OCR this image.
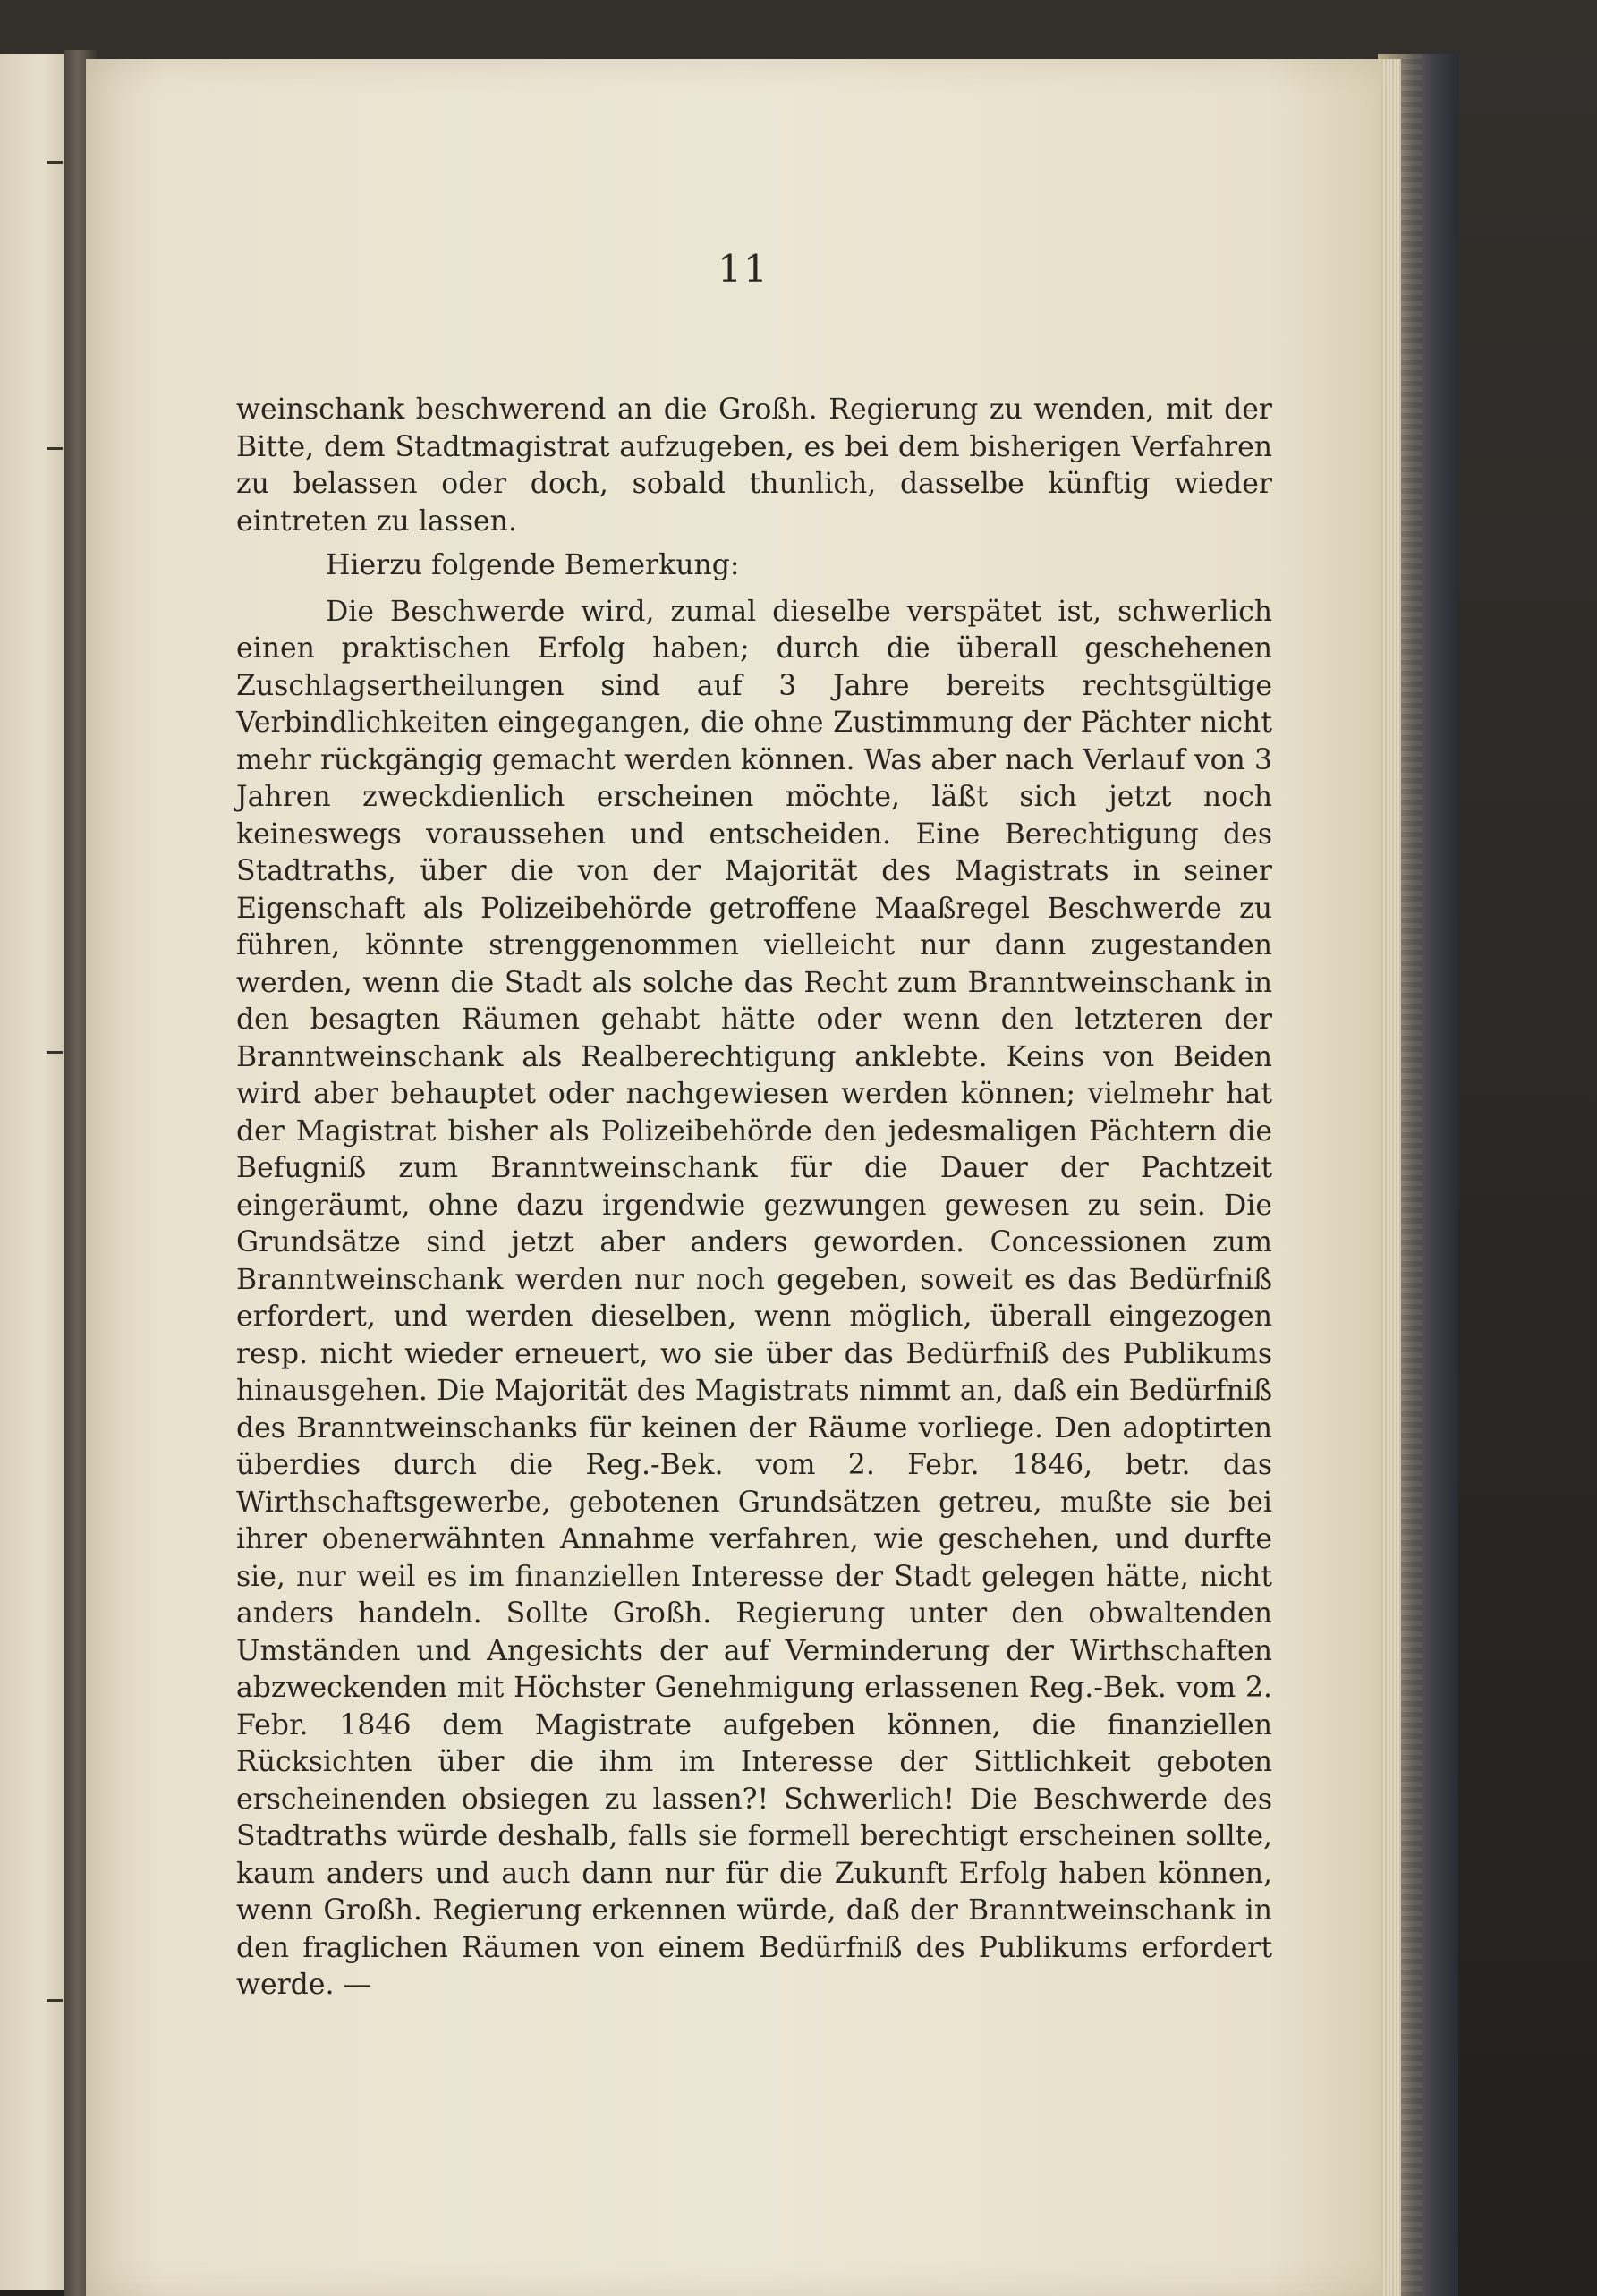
11

weinschank beschwerend an die Großh. Regierung zu wenden, mit der Bitte, dem Stadtmagistrat aufzugeben, es bei dem bisherigen Verfahren zu belassen oder doch, sobald thunlich, dasselbe künftig wieder eintreten zu lassen.

Hierzu folgende Bemerkung:

Die Beschwerde wird, zumal dieselbe verspätet ist, schwerlich einen praktischen Erfolg haben; durch die überall geschehenen Zuschlagsertheilungen sind auf 3 Jahre bereits rechtsgültige Verbindlichkeiten eingegangen, die ohne Zustimmung der Pächter nicht mehr rückgängig gemacht werden können. Was aber nach Verlauf von 3 Jahren zweckdienlich erscheinen möchte, läßt sich jetzt noch keineswegs voraussehen und entscheiden. Eine Berechtigung des Stadtraths, über die von der Majorität des Magistrats in seiner Eigenschaft als Polizeibehörde getroffene Maaßregel Beschwerde zu führen, könnte strenggenommen vielleicht nur dann zugestanden werden, wenn die Stadt als solche das Recht zum Branntweinschank in den besagten Räumen gehabt hätte oder wenn den letzteren der Branntweinschank als Realberechtigung anklebte. Keins von Beiden wird aber behauptet oder nachgewiesen werden können; vielmehr hat der Magistrat bisher als Polizeibehörde den jedesmaligen Pächtern die Befugniß zum Branntweinschank für die Dauer der Pachtzeit eingeräumt, ohne dazu irgendwie gezwungen gewesen zu sein. Die Grundsätze sind jetzt aber anders geworden. Concessionen zum Branntweinschank werden nur noch gegeben, soweit es das Bedürfniß erfordert, und werden dieselben, wenn möglich, überall eingezogen resp. nicht wieder erneuert, wo sie über das Bedürfniß des Publikums hinausgehen. Die Majorität des Magistrats nimmt an, daß ein Bedürfniß des Branntweinschanks für keinen der Räume vorliege. Den adoptirten überdies durch die Reg.-Bek. vom 2. Febr. 1846, betr. das Wirthschaftsgewerbe, gebotenen Grundsätzen getreu, mußte sie bei ihrer obenerwähnten Annahme verfahren, wie geschehen, und durfte sie, nur weil es im finanziellen Interesse der Stadt gelegen hätte, nicht anders handeln. Sollte Großh. Regierung unter den obwaltenden Umständen und Angesichts der auf Verminderung der Wirthschaften abzweckenden mit Höchster Genehmigung erlassenen Reg.-Bek. vom 2. Febr. 1846 dem Magistrate aufgeben können, die finanziellen Rücksichten über die ihm im Interesse der Sittlichkeit geboten erscheinenden obsiegen zu lassen?! Schwerlich! Die Beschwerde des Stadtraths würde deshalb, falls sie formell berechtigt erscheinen sollte, kaum anders und auch dann nur für die Zukunft Erfolg haben können, wenn Großh. Regierung erkennen würde, daß der Branntweinschank in den fraglichen Räumen von einem Bedürfniß des Publikums erfordert werde. —
